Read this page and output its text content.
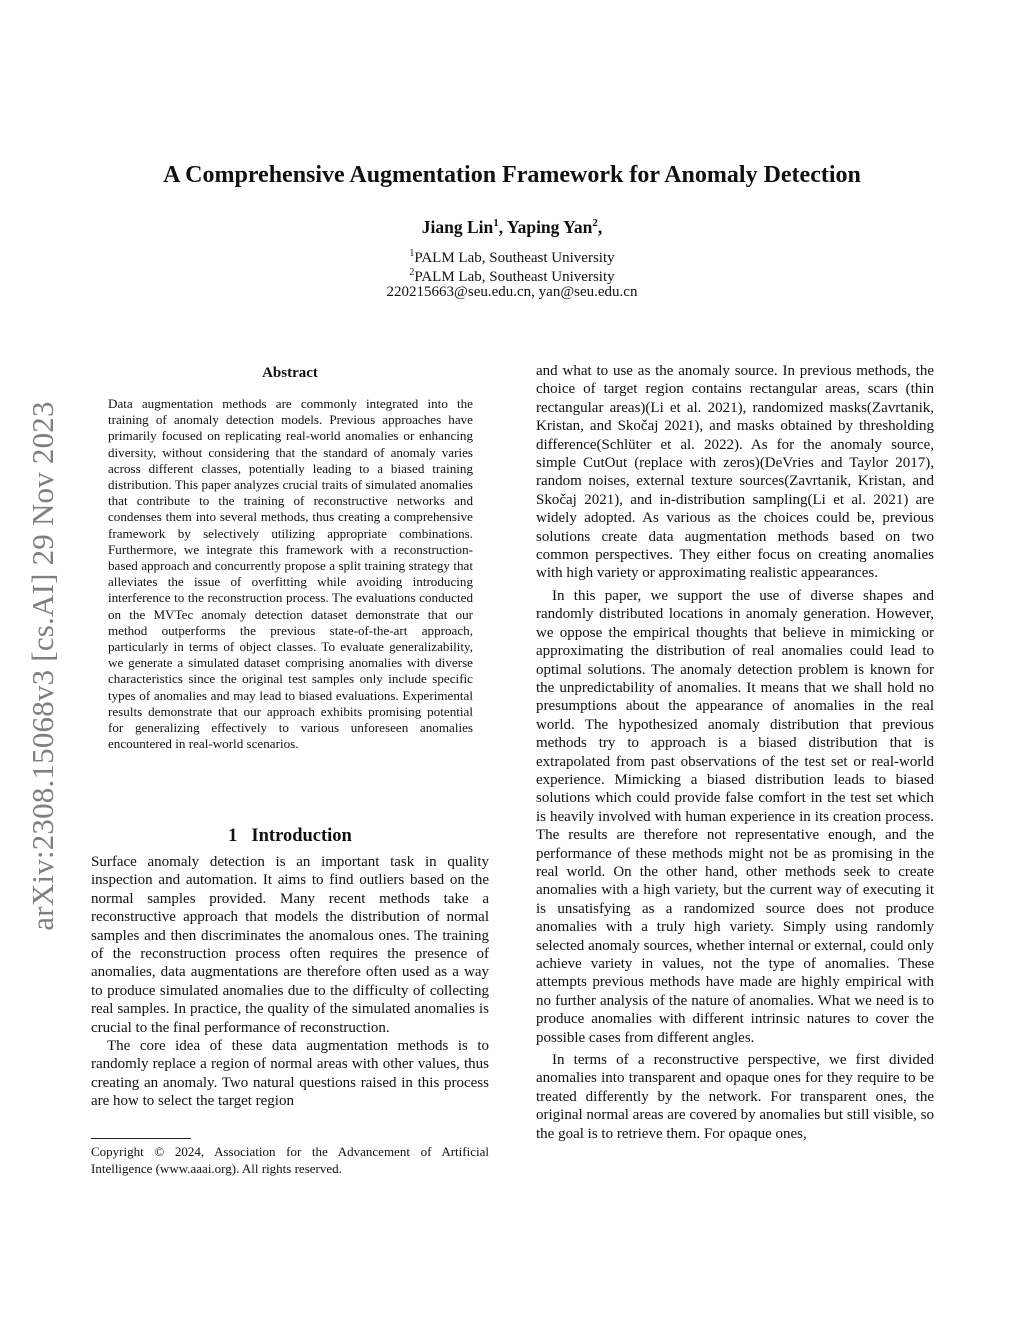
arXiv:2308.15068v3 [cs.AI] 29 Nov 2023
A Comprehensive Augmentation Framework for Anomaly Detection
Jiang Lin$^1$, Yaping Yan$^2$,
$^1$PALM Lab, Southeast University
$^2$PALM Lab, Southeast University
220215663@seu.edu.cn, yan@seu.edu.cn
Abstract

Data augmentation methods are commonly integrated into the training of anomaly detection models. Previous approaches have primarily focused on replicating real-world anomalies or enhancing diversity, without considering that the standard of anomaly varies across different classes, potentially leading to a biased training distribution. This paper analyzes crucial traits of simulated anomalies that contribute to the training of reconstructive networks and condenses them into several methods, thus creating a comprehensive framework by selectively utilizing appropriate combinations. Furthermore, we integrate this framework with a reconstruction-based approach and concurrently propose a split training strategy that alleviates the issue of overfitting while avoiding introducing interference to the reconstruction process. The evaluations conducted on the MVTec anomaly detection dataset demonstrate that our method outperforms the previous state-of-the-art approach, particularly in terms of object classes. To evaluate generalizability, we generate a simulated dataset comprising anomalies with diverse characteristics since the original test samples only include specific types of anomalies and may lead to biased evaluations. Experimental results demonstrate that our approach exhibits promising potential for generalizing effectively to various unforeseen anomalies encountered in real-world scenarios.

1 Introduction

Surface anomaly detection is an important task in quality inspection and automation. It aims to find outliers based on the normal samples provided. Many recent methods take a reconstructive approach that models the distribution of normal samples and then discriminates the anomalous ones. The training of the reconstruction process often requires the presence of anomalies, data augmentations are therefore often used as a way to produce simulated anomalies due to the difficulty of collecting real samples. In practice, the quality of the simulated anomalies is crucial to the final performance of reconstruction.

The core idea of these data augmentation methods is to randomly replace a region of normal areas with other values, thus creating an anomaly. Two natural questions raised in this process are how to select the target region

Copyright © 2024, Association for the Advancement of Artificial Intelligence (www.aaai.org). All rights reserved.

and what to use as the anomaly source. In previous methods, the choice of target region contains rectangular areas, scars (thin rectangular areas)(Li et al. 2021), randomized masks(Zavrtanik, Kristan, and Skočaj 2021), and masks obtained by thresholding difference(Schlüter et al. 2022). As for the anomaly source, simple CutOut (replace with zeros)(DeVries and Taylor 2017), random noises, external texture sources(Zavrtanik, Kristan, and Skočaj 2021), and in-distribution sampling(Li et al. 2021) are widely adopted. As various as the choices could be, previous solutions create data augmentation methods based on two common perspectives. They either focus on creating anomalies with high variety or approximating realistic appearances.

In this paper, we support the use of diverse shapes and randomly distributed locations in anomaly generation. However, we oppose the empirical thoughts that believe in mimicking or approximating the distribution of real anomalies could lead to optimal solutions. The anomaly detection problem is known for the unpredictability of anomalies. It means that we shall hold no presumptions about the appearance of anomalies in the real world. The hypothesized anomaly distribution that previous methods try to approach is a biased distribution that is extrapolated from past observations of the test set or real-world experience. Mimicking a biased distribution leads to biased solutions which could provide false comfort in the test set which is heavily involved with human experience in its creation process. The results are therefore not representative enough, and the performance of these methods might not be as promising in the real world. On the other hand, other methods seek to create anomalies with a high variety, but the current way of executing it is unsatisfying as a randomized source does not produce anomalies with a truly high variety. Simply using randomly selected anomaly sources, whether internal or external, could only achieve variety in values, not the type of anomalies. These attempts previous methods have made are highly empirical with no further analysis of the nature of anomalies. What we need is to produce anomalies with different intrinsic natures to cover the possible cases from different angles.

In terms of a reconstructive perspective, we first divided anomalies into transparent and opaque ones for they require to be treated differently by the network. For transparent ones, the original normal areas are covered by anomalies but still visible, so the goal is to retrieve them. For opaque ones,
